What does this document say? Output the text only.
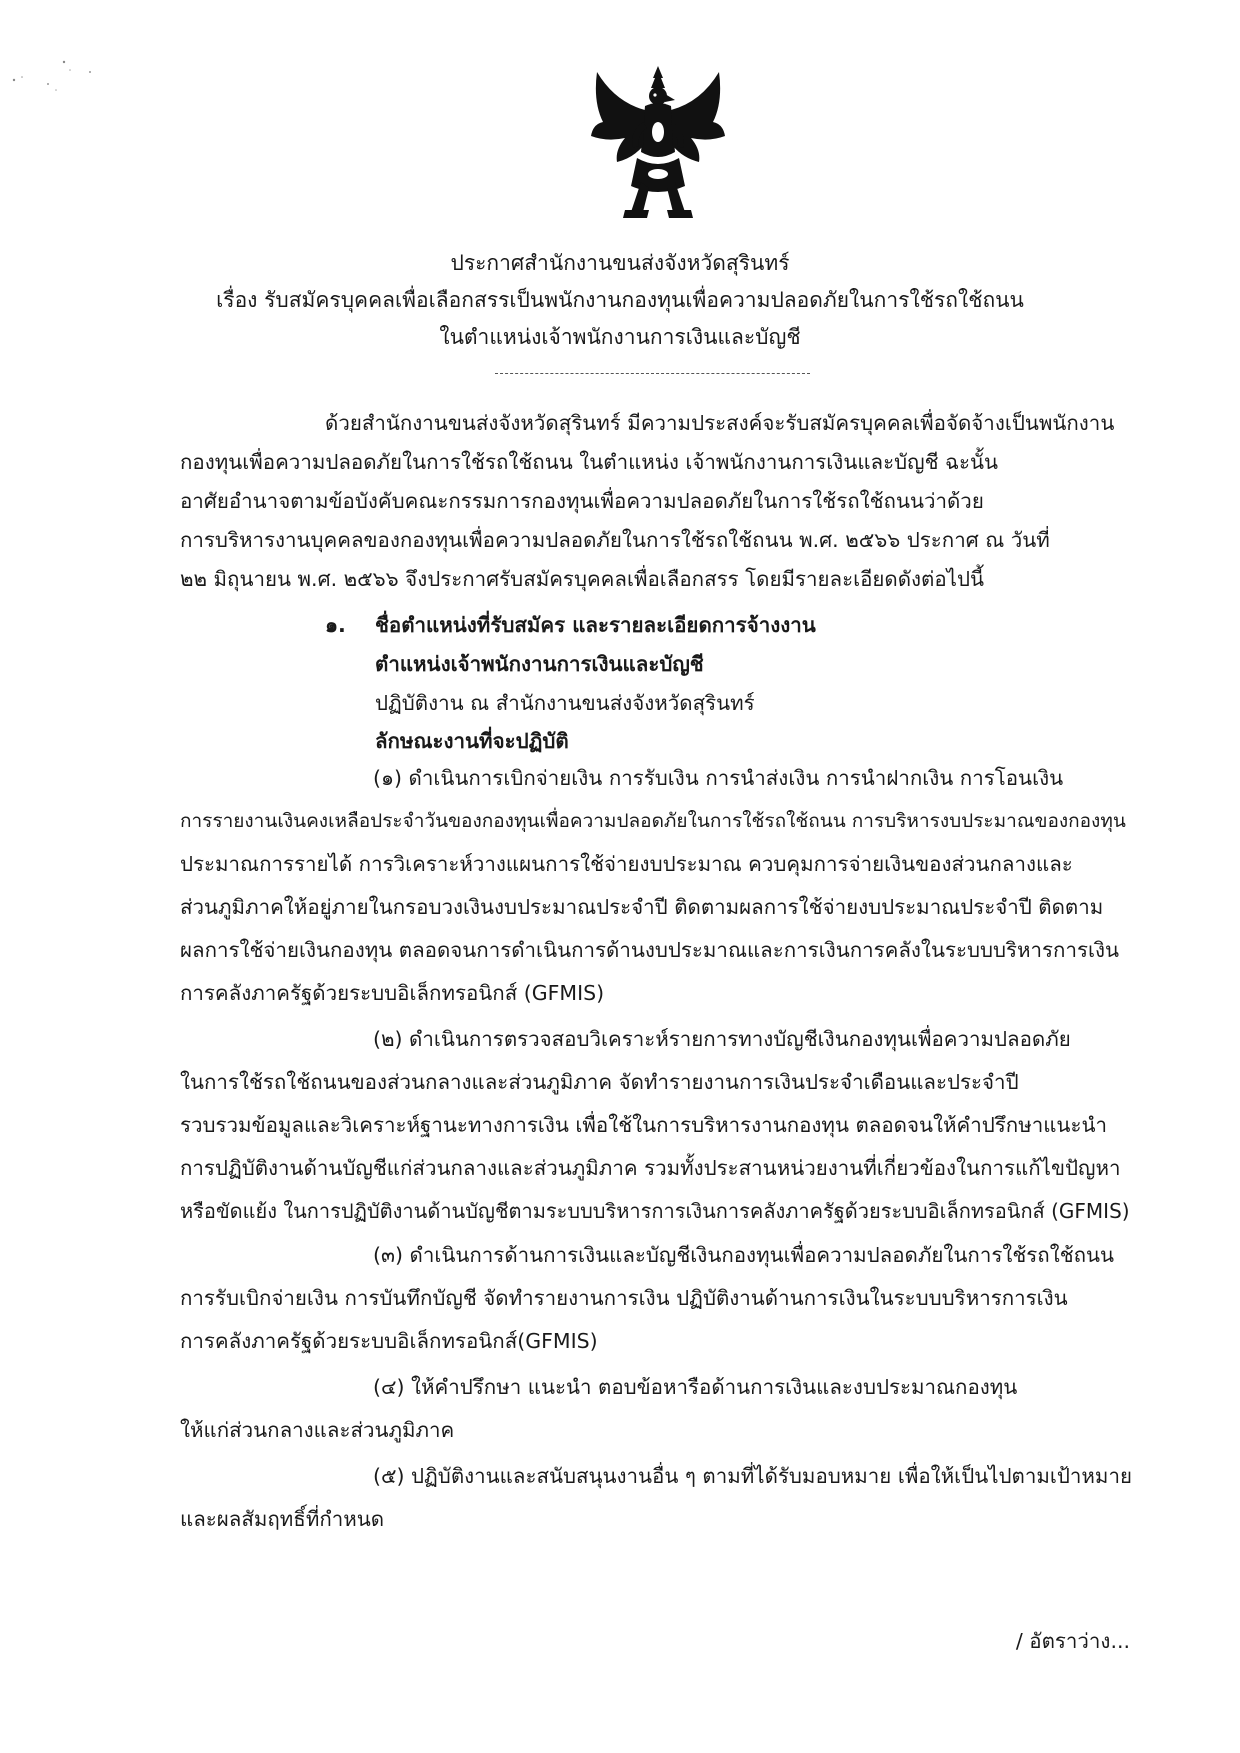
ประกาศสำนักงานขนส่งจังหวัดสุรินทร์
เรื่อง รับสมัครบุคคลเพื่อเลือกสรรเป็นพนักงานกองทุนเพื่อความปลอดภัยในการใช้รถใช้ถนน
ในตำแหน่งเจ้าพนักงานการเงินและบัญชี
ด้วยสำนักงานขนส่งจังหวัดสุรินทร์ มีความประสงค์จะรับสมัครบุคคลเพื่อจัดจ้างเป็นพนักงาน
กองทุนเพื่อความปลอดภัยในการใช้รถใช้ถนน ในตำแหน่ง เจ้าพนักงานการเงินและบัญชี ฉะนั้น
อาศัยอำนาจตามข้อบังคับคณะกรรมการกองทุนเพื่อความปลอดภัยในการใช้รถใช้ถนนว่าด้วย
การบริหารงานบุคคลของกองทุนเพื่อความปลอดภัยในการใช้รถใช้ถนน พ.ศ. ๒๕๖๖ ประกาศ ณ วันที่
๒๒ มิถุนายน พ.ศ. ๒๕๖๖ จึงประกาศรับสมัครบุคคลเพื่อเลือกสรร โดยมีรายละเอียดดังต่อไปนี้
๑. ชื่อตำแหน่งที่รับสมัคร และรายละเอียดการจ้างงาน
ตำแหน่งเจ้าพนักงานการเงินและบัญชี
ปฏิบัติงาน ณ สำนักงานขนส่งจังหวัดสุรินทร์
ลักษณะงานที่จะปฏิบัติ
(๑) ดำเนินการเบิกจ่ายเงิน การรับเงิน การนำส่งเงิน การนำฝากเงิน การโอนเงิน
การรายงานเงินคงเหลือประจำวันของกองทุนเพื่อความปลอดภัยในการใช้รถใช้ถนน การบริหารงบประมาณของกองทุน
ประมาณการรายได้ การวิเคราะห์วางแผนการใช้จ่ายงบประมาณ ควบคุมการจ่ายเงินของส่วนกลางและ
ส่วนภูมิภาคให้อยู่ภายในกรอบวงเงินงบประมาณประจำปี ติดตามผลการใช้จ่ายงบประมาณประจำปี ติดตาม
ผลการใช้จ่ายเงินกองทุน ตลอดจนการดำเนินการด้านงบประมาณและการเงินการคลังในระบบบริหารการเงิน
การคลังภาครัฐด้วยระบบอิเล็กทรอนิกส์ (GFMIS)
(๒) ดำเนินการตรวจสอบวิเคราะห์รายการทางบัญชีเงินกองทุนเพื่อความปลอดภัย
ในการใช้รถใช้ถนนของส่วนกลางและส่วนภูมิภาค จัดทำรายงานการเงินประจำเดือนและประจำปี
รวบรวมข้อมูลและวิเคราะห์ฐานะทางการเงิน เพื่อใช้ในการบริหารงานกองทุน ตลอดจนให้คำปรึกษาแนะนำ
การปฏิบัติงานด้านบัญชีแก่ส่วนกลางและส่วนภูมิภาค รวมทั้งประสานหน่วยงานที่เกี่ยวข้องในการแก้ไขปัญหา
หรือขัดแย้ง ในการปฏิบัติงานด้านบัญชีตามระบบบริหารการเงินการคลังภาครัฐด้วยระบบอิเล็กทรอนิกส์ (GFMIS)
(๓) ดำเนินการด้านการเงินและบัญชีเงินกองทุนเพื่อความปลอดภัยในการใช้รถใช้ถนน
การรับเบิกจ่ายเงิน การบันทึกบัญชี จัดทำรายงานการเงิน ปฏิบัติงานด้านการเงินในระบบบริหารการเงิน
การคลังภาครัฐด้วยระบบอิเล็กทรอนิกส์(GFMIS)
(๔) ให้คำปรึกษา แนะนำ ตอบข้อหารือด้านการเงินและงบประมาณกองทุน
ให้แก่ส่วนกลางและส่วนภูมิภาค
(๕) ปฏิบัติงานและสนับสนุนงานอื่น ๆ ตามที่ได้รับมอบหมาย เพื่อให้เป็นไปตามเป้าหมาย
และผลสัมฤทธิ์ที่กำหนด
/ อัตราว่าง...
